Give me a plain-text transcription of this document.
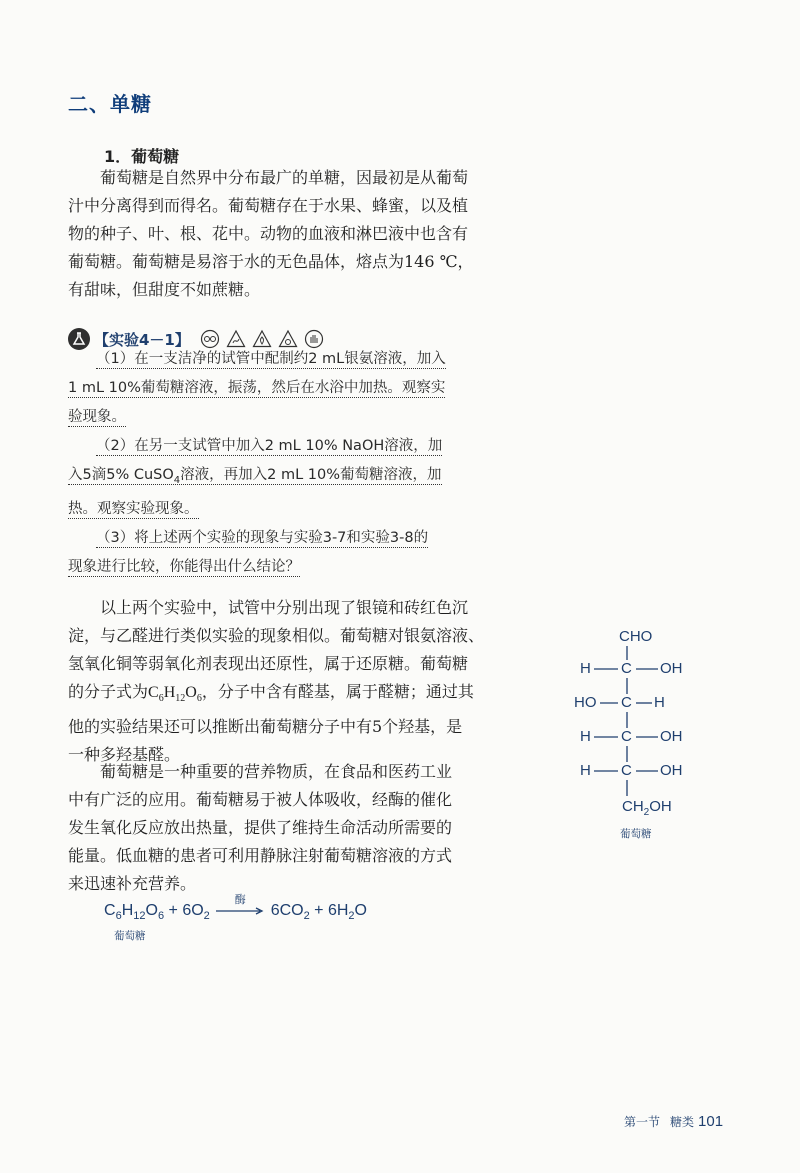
二、单糖
1．葡萄糖
葡萄糖是自然界中分布最广的单糖，因最初是从葡萄
汁中分离得到而得名。葡萄糖存在于水果、蜂蜜，以及植
物的种子、叶、根、花中。动物的血液和淋巴液中也含有
葡萄糖。葡萄糖是易溶于水的无色晶体，熔点为146 ℃，
有甜味，但甜度不如蔗糖。
【实验4－1】
（1）在一支洁净的试管中配制约2 mL银氨溶液，加入
1 mL 10%葡萄糖溶液，振荡，然后在水浴中加热。观察实
验现象。
（2）在另一支试管中加入2 mL 10% NaOH溶液，加
入5滴5% CuSO$_4$溶液，再加入2 mL 10%葡萄糖溶液，加
热。观察实验现象。
（3）将上述两个实验的现象与实验3-7和实验3-8的
现象进行比较，你能得出什么结论？
以上两个实验中，试管中分别出现了银镜和砖红色沉
淀，与乙醛进行类似实验的现象相似。葡萄糖对银氨溶液、
氢氧化铜等弱氧化剂表现出还原性，属于还原糖。葡萄糖
的分子式为$C_6H_{12}O_6$，分子中含有醛基，属于醛糖；通过其
他的实验结果还可以推断出葡萄糖分子中有5个羟基，是
一种多羟基醛。
葡萄糖是一种重要的营养物质，在食品和医药工业
中有广泛的应用。葡萄糖易于被人体吸收，经酶的催化
发生氧化反应放出热量，提供了维持生命活动所需要的
能量。低血糖的患者可利用静脉注射葡萄糖溶液的方式
来迅速补充营养。
$C_6H_{12}O_6 + 6O_2$
酶
$6CO_2 + 6H_2O$
葡萄糖
CHO
H C OH
HO C H
H C OH
H C OH
$CH_2OH$
葡萄糖
第一节 糖类 101
